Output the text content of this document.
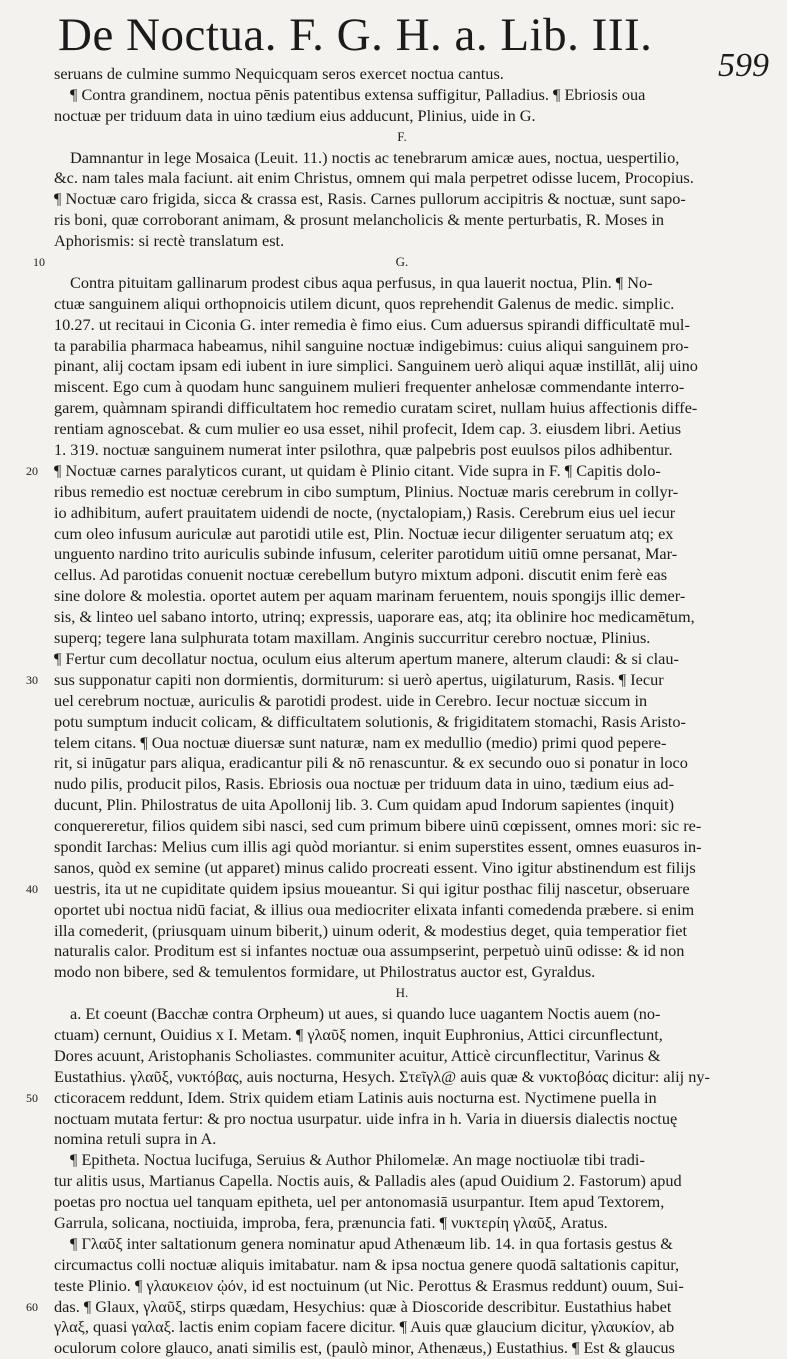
De Noctua. F. G. H. a. Lib. III.
599
seruans de culmine summo Nequicquam seros exercet noctua cantus.
¶ Contra grandinem, noctua pēnis patentibus extensa suffigitur, Palladius. ¶ Ebriosis oua
noctuæ per triduum data in uino tædium eius adducunt, Plinius, uide in G.
F.
Damnantur in lege Mosaica (Leuit. 11.) noctis ac tenebrarum amicæ aues, noctua, uespertilio,
&c. nam tales mala faciunt. ait enim Christus, omnem qui mala perpetret odisse lucem, Procopius.
¶ Noctuæ caro frigida, sicca & crassa est, Rasis. Carnes pullorum accipitris & noctuæ, sunt sapo-
ris boni, quæ corroborant animam, & prosunt melancholicis & mente perturbatis, R. Moses in
Aphorismis: si rectè translatum est.
10	G.
Contra pituitam gallinarum prodest cibus aqua perfusus, in qua lauerit noctua, Plin. ¶ No-
ctuæ sanguinem aliqui orthopnoicis utilem dicunt, quos reprehendit Galenus de medic. simplic.
10.27. ut recitaui in Ciconia G. inter remedia è fimo eius. Cum aduersus spirandi difficultatē mul-
ta parabilia pharmaca habeamus, nihil sanguine noctuæ indigebimus: cuius aliqui sanguinem pro-
pinant, alij coctam ipsam edi iubent in iure simplici. Sanguinem uerò aliqui aquæ instillāt, alij uino
miscent. Ego cum à quodam hunc sanguinem mulieri frequenter anhelosæ commendante interro-
garem, quàmnam spirandi difficultatem hoc remedio curatam sciret, nullam huius affectionis diffe-
rentiam agnoscebat. & cum mulier eo usa esset, nihil profecit, Idem cap. 3. eiusdem libri. Aetius
1. 319. noctuæ sanguinem numerat inter psilothra, quæ palpebris post euulsos pilos adhibentur.
20 ¶ Noctuæ carnes paralyticos curant, ut quidam è Plinio citant. Vide supra in F. ¶ Capitis dolo-
ribus remedio est noctuæ cerebrum in cibo sumptum, Plinius. Noctuæ maris cerebrum in collyr-
io adhibitum, aufert prauitatem uidendi de nocte, (nyctalopiam,) Rasis. Cerebrum eius uel iecur
cum oleo infusum auriculæ aut parotidi utile est, Plin. Noctuæ iecur diligenter seruatum atq; ex
unguento nardino trito auriculis subinde infusum, celeriter parotidum uitiū omne persanat, Mar-
cellus. Ad parotidas conuenit noctuæ cerebellum butyro mixtum adponi. discutit enim ferè eas
sine dolore & molestia. oportet autem per aquam marinam feruentem, nouis spongijs illic demer-
sis, & linteo uel sabano intorto, utrinq; expressis, uaporare eas, atq; ita oblinire hoc medicamētum,
superq; tegere lana sulphurata totam maxillam. Anginis succurritur cerebro noctuæ, Plinius.
¶ Fertur cum decollatur noctua, oculum eius alterum apertum manere, alterum claudi: & si clau-
30 sus supponatur capiti non dormientis, dormiturum: si uerò apertus, uigilaturum, Rasis. ¶ Iecur
uel cerebrum noctuæ, auriculis & parotidi prodest. uide in Cerebro. Iecur noctuæ siccum in
potu sumptum inducit colicam, & difficultatem solutionis, & frigiditatem stomachi, Rasis Aristo-
telem citans. ¶ Oua noctuæ diuersæ sunt naturæ, nam ex medullio (medio) primi quod pepere-
rit, si inūgatur pars aliqua, eradicantur pili & nō renascuntur. & ex secundo ouo si ponatur in loco
nudo pilis, producit pilos, Rasis. Ebriosis oua noctuæ per triduum data in uino, tædium eius ad-
ducunt, Plin. Philostratus de uita Apollonij lib. 3. Cum quidam apud Indorum sapientes (inquit)
conquereretur, filios quidem sibi nasci, sed cum primum bibere uinū cœpissent, omnes mori: sic re-
spondit Iarchas: Melius cum illis agi quòd moriantur. si enim superstites essent, omnes euasuros in-
sanos, quòd ex semine (ut apparet) minus calido procreati essent. Vino igitur abstinendum est filijs
40 uestris, ita ut ne cupiditate quidem ipsius moueantur. Si qui igitur posthac filij nascetur, obseruare
oportet ubi noctua nidū faciat, & illius oua mediocriter elixata infanti comedenda præbere. si enim
illa comederit, (priusquam uinum biberit,) uinum oderit, & modestius deget, quia temperatior fiet
naturalis calor. Proditum est si infantes noctuæ oua assumpserint, perpetuò uinū odisse: & id non
modo non bibere, sed & temulentos formidare, ut Philostratus auctor est, Gyraldus.
H.
a. Et coeunt (Bacchæ contra Orpheum) ut aues, si quando luce uagantem Noctis auem (no-
ctuam) cernunt, Ouidius x I. Metam. ¶ γλαῦξ nomen, inquit Euphronius, Attici circunflectunt,
Dores acuunt, Aristophanis Scholiastes. communiter acuitur, Atticè circunflectitur, Varinus &
Eustathius. γλαῦξ, νυκτόβας, auis nocturna, Hesych. Στεῖγλ@ auis quæ & νυκτοβόας dicitur: alij ny-
50 cticoracem reddunt, Idem. Strix quidem etiam Latinis auis nocturna est. Nyctimene puella in
noctuam mutata fertur: & pro noctua usurpatur. uide infra in h. Varia in diuersis dialectis noctuę
nomina retuli supra in A.
¶ Epitheta. Noctua lucifuga, Seruius & Author Philomelæ. An mage noctiuolæ tibi tradi-
tur alitis usus, Martianus Capella. Noctis auis, & Palladis ales (apud Ouidium 2. Fastorum) apud
poetas pro noctua uel tanquam epitheta, uel per antonomasiā usurpantur. Item apud Textorem,
Garrula, solicana, noctiuida, improba, fera, prænuncia fati. ¶ νυκτερίη γλαῦξ, Aratus.
¶ Γλαῦξ inter saltationum genera nominatur apud Athenæum lib. 14. in qua fortasis gestus &
circumactus colli noctuæ aliquis imitabatur. nam & ipsa noctua genere quodā saltationis capitur,
teste Plinio. ¶ γλαυκειον ᾠόν, id est noctuinum (ut Nic. Perottus & Erasmus reddunt) ouum, Sui-
60 das. ¶ Glaux, γλαῦξ, stirps quædam, Hesychius: quæ à Dioscoride describitur. Eustathius habet
γλαξ, quasi γαλαξ. lactis enim copiam facere dicitur. ¶ Auis quæ glaucium dicitur, γλαυκίον, ab
oculorum colore glauco, anati similis est, (paulò minor, Athenæus,) Eustathius. ¶ Est & glaucus
